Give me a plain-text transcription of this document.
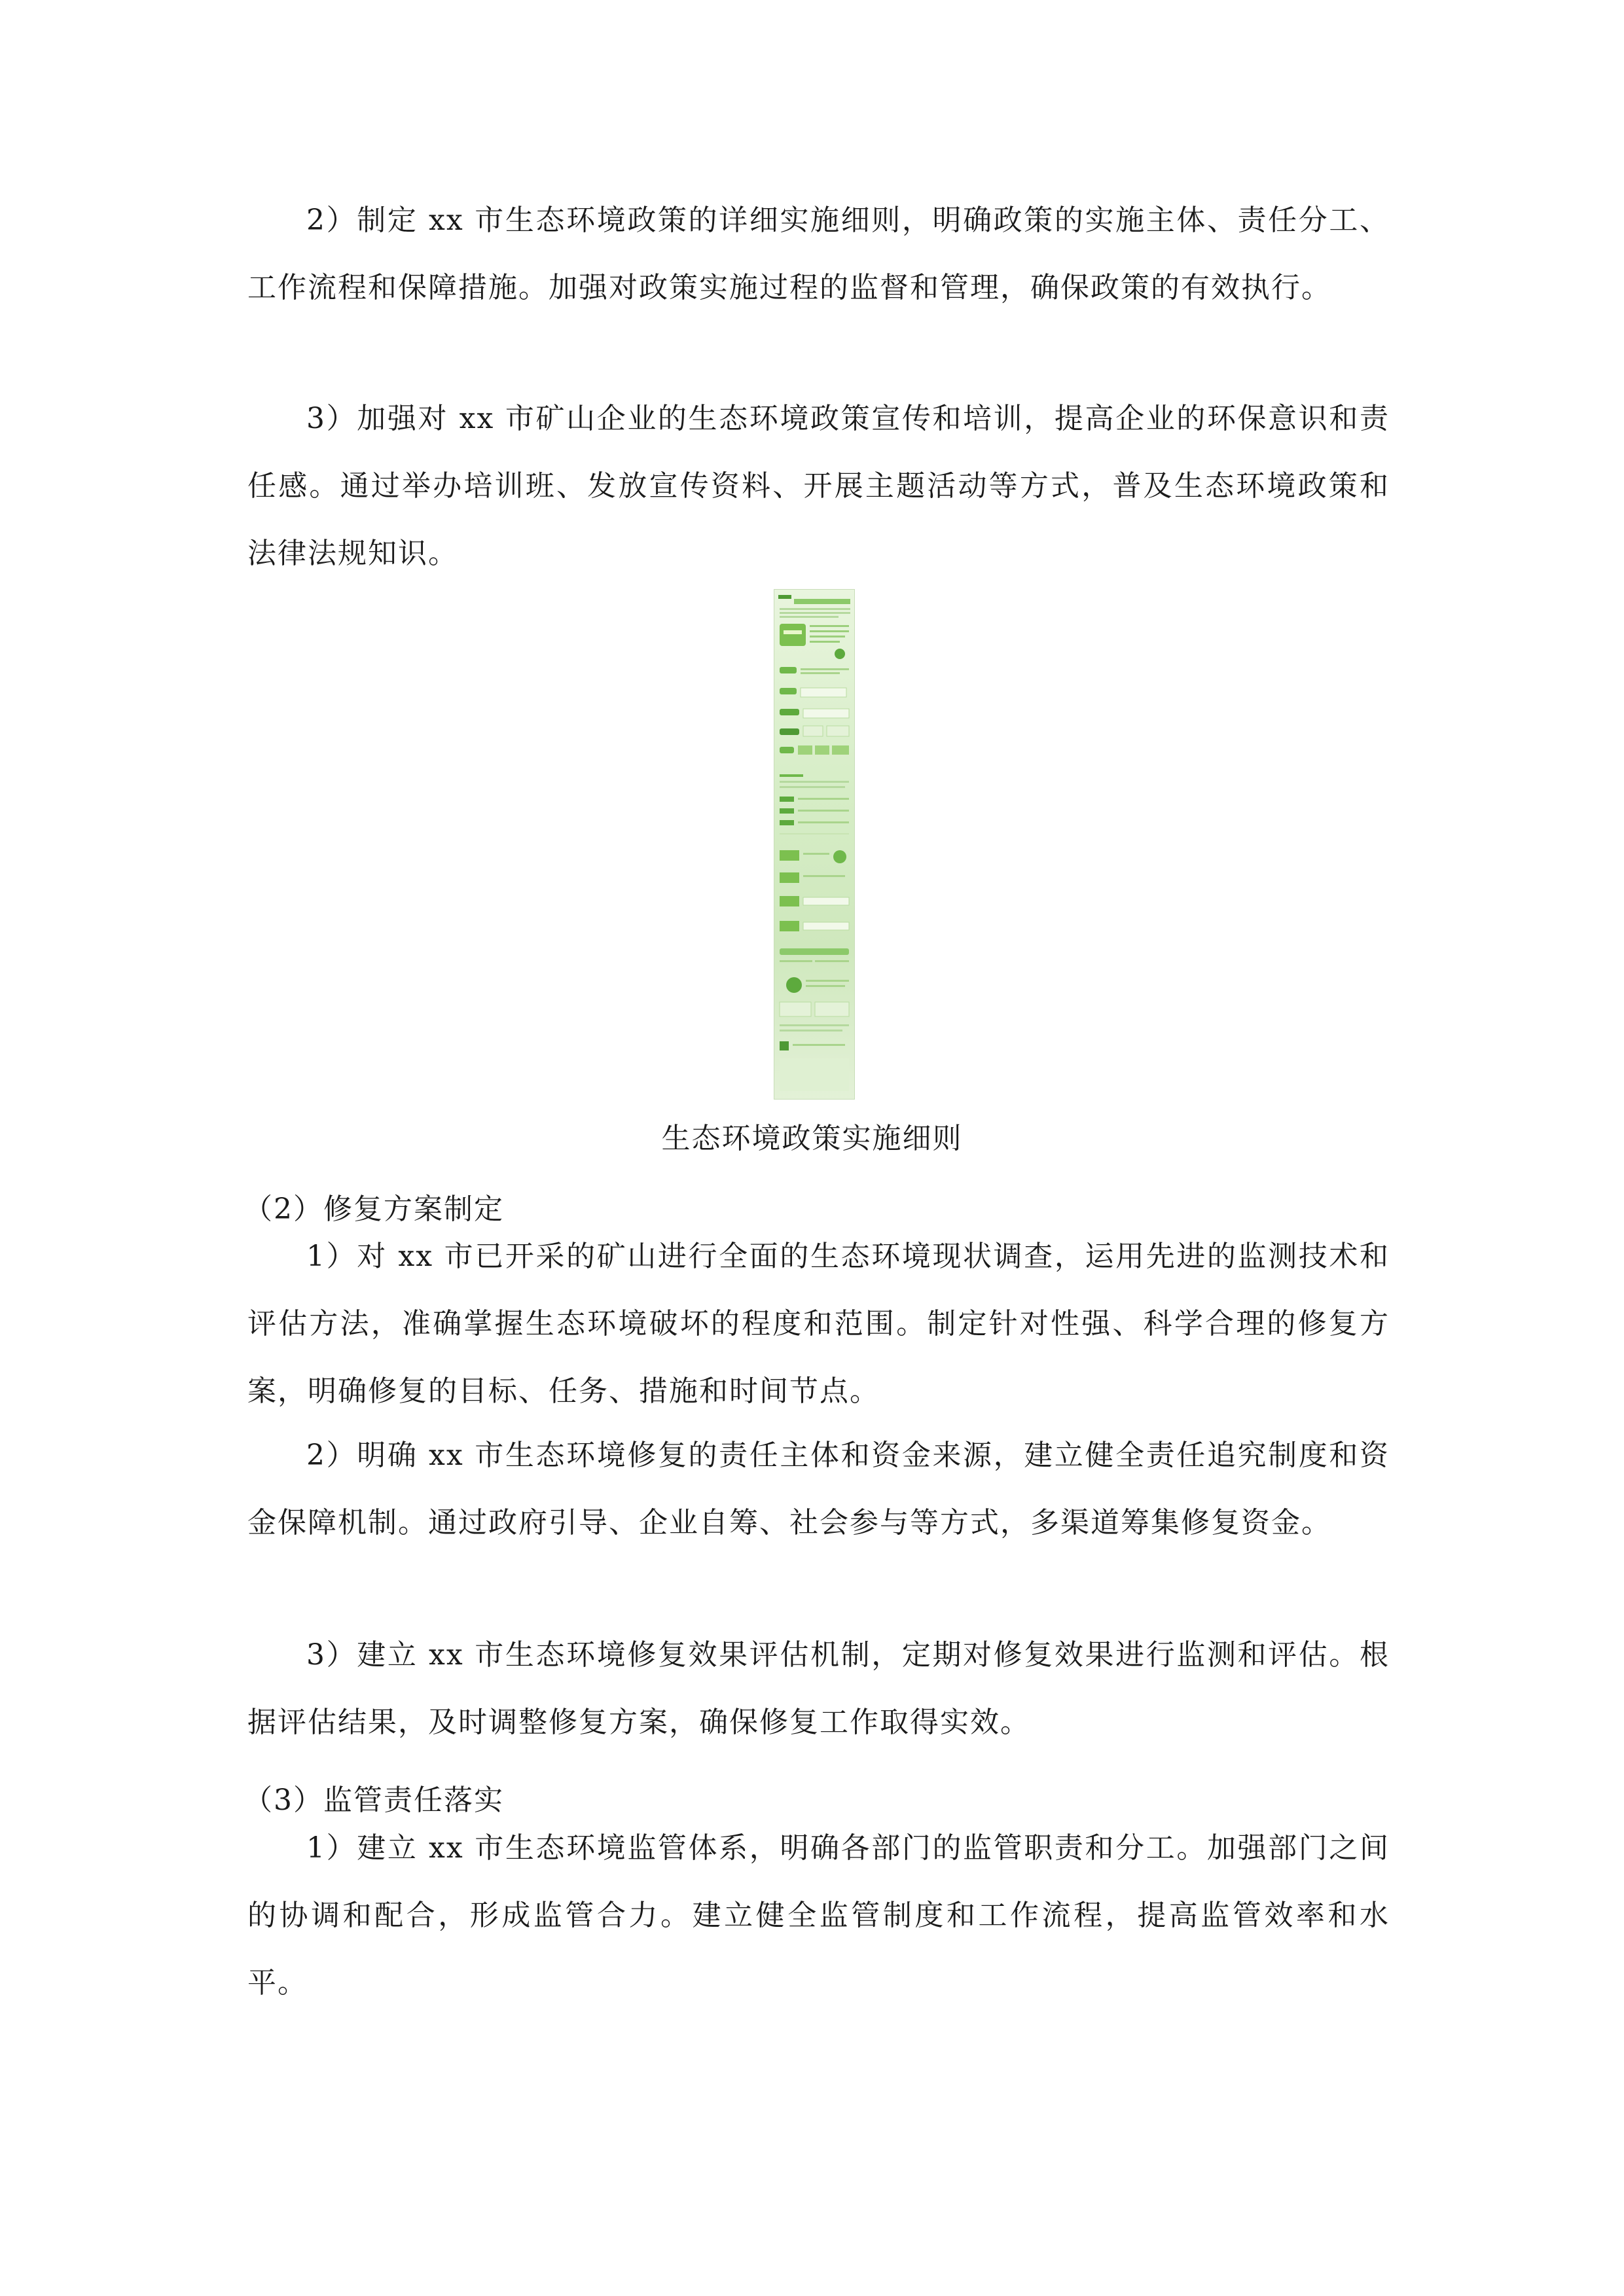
2）制定 xx 市生态环境政策的详细实施细则，明确政策的实施主体、责任分工、工作流程和保障措施。加强对政策实施过程的监督和管理，确保政策的有效执行。

3）加强对 xx 市矿山企业的生态环境政策宣传和培训，提高企业的环保意识和责任感。通过举办培训班、发放宣传资料、开展主题活动等方式，普及生态环境政策和法律法规知识。

生态环境政策实施细则

（2）修复方案制定

1）对 xx 市已开采的矿山进行全面的生态环境现状调查，运用先进的监测技术和评估方法，准确掌握生态环境破坏的程度和范围。制定针对性强、科学合理的修复方案，明确修复的目标、任务、措施和时间节点。

2）明确 xx 市生态环境修复的责任主体和资金来源，建立健全责任追究制度和资金保障机制。通过政府引导、企业自筹、社会参与等方式，多渠道筹集修复资金。

3）建立 xx 市生态环境修复效果评估机制，定期对修复效果进行监测和评估。根据评估结果，及时调整修复方案，确保修复工作取得实效。

（3）监管责任落实

1）建立 xx 市生态环境监管体系，明确各部门的监管职责和分工。加强部门之间的协调和配合，形成监管合力。建立健全监管制度和工作流程，提高监管效率和水平。
